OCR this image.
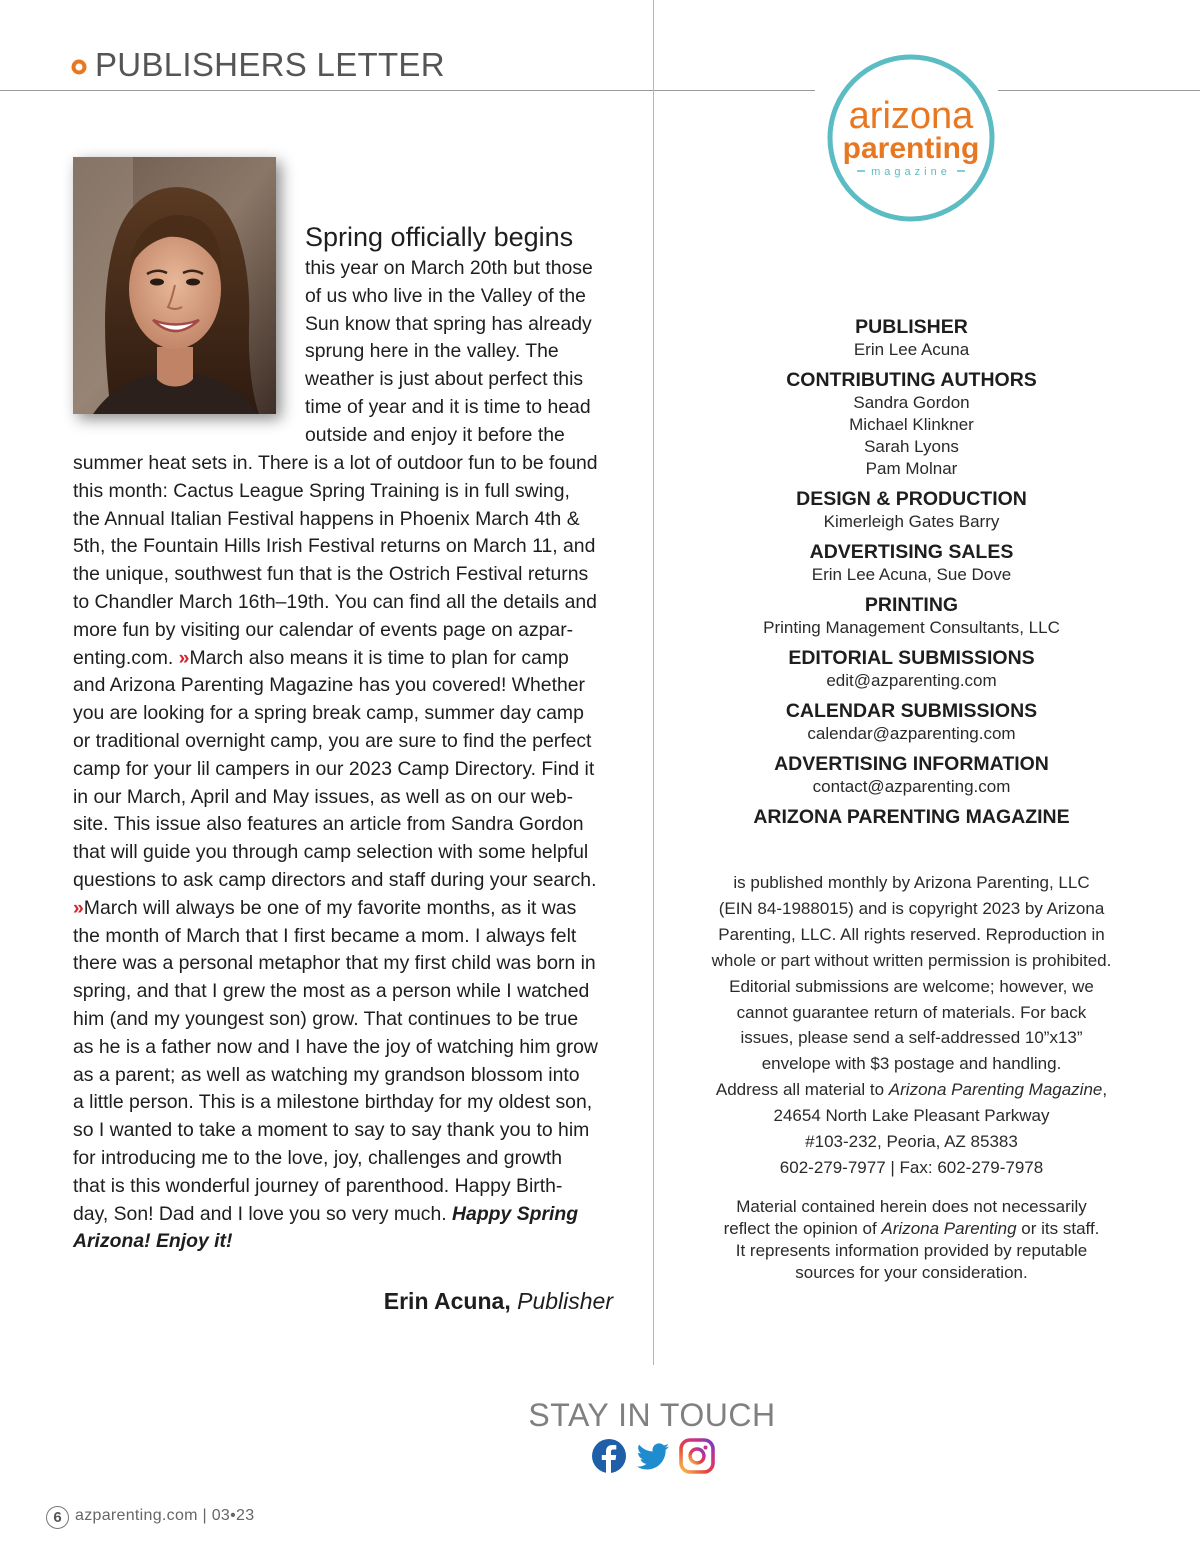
PUBLISHERS LETTER
arizona
parenting
magazine
Spring officially begins
this year on March 20th but those
of us who live in the Valley of the
Sun know that spring has already
sprung here in the valley. The
weather is just about perfect this
time of year and it is time to head
outside and enjoy it before the
summer heat sets in. There is a lot of outdoor fun to be found
this month: Cactus League Spring Training is in full swing,
the Annual Italian Festival happens in Phoenix March 4th &
5th, the Fountain Hills Irish Festival returns on March 11, and
the unique, southwest fun that is the Ostrich Festival returns
to Chandler March 16th–19th. You can find all the details and
more fun by visiting our calendar of events page on azpar-
enting.com. »March also means it is time to plan for camp
and Arizona Parenting Magazine has you covered! Whether
you are looking for a spring break camp, summer day camp
or traditional overnight camp, you are sure to find the perfect
camp for your lil campers in our 2023 Camp Directory. Find it
in our March, April and May issues, as well as on our web-
site. This issue also features an article from Sandra Gordon
that will guide you through camp selection with some helpful
questions to ask camp directors and staff during your search.
»March will always be one of my favorite months, as it was
the month of March that I first became a mom. I always felt
there was a personal metaphor that my first child was born in
spring, and that I grew the most as a person while I watched
him (and my youngest son) grow. That continues to be true
as he is a father now and I have the joy of watching him grow
as a parent; as well as watching my grandson blossom into
a little person. This is a milestone birthday for my oldest son,
so I wanted to take a moment to say to say thank you to him
for introducing me to the love, joy, challenges and growth
that is this wonderful journey of parenthood. Happy Birth-
day, Son! Dad and I love you so very much. Happy Spring
Arizona! Enjoy it!
Erin Acuna, Publisher
PUBLISHER
Erin Lee Acuna
CONTRIBUTING AUTHORS
Sandra Gordon
Michael Klinkner
Sarah Lyons
Pam Molnar
DESIGN & PRODUCTION
Kimerleigh Gates Barry
ADVERTISING SALES
Erin Lee Acuna, Sue Dove
PRINTING
Printing Management Consultants, LLC
EDITORIAL SUBMISSIONS
edit@azparenting.com
CALENDAR SUBMISSIONS
calendar@azparenting.com
ADVERTISING INFORMATION
contact@azparenting.com
ARIZONA PARENTING MAGAZINE
is published monthly by Arizona Parenting, LLC
(EIN 84-1988015) and is copyright 2023 by Arizona
Parenting, LLC. All rights reserved. Reproduction in
whole or part without written permission is prohibited.
Editorial submissions are welcome; however, we
cannot guarantee return of materials. For back
issues, please send a self-addressed 10”x13”
envelope with $3 postage and handling.
Address all material to Arizona Parenting Magazine,
24654 North Lake Pleasant Parkway
#103-232, Peoria, AZ 85383
602-279-7977 | Fax: 602-279-7978
Material contained herein does not necessarily
reflect the opinion of Arizona Parenting or its staff.
It represents information provided by reputable
sources for your consideration.
STAY IN TOUCH
6 azparenting.com | 03•23
